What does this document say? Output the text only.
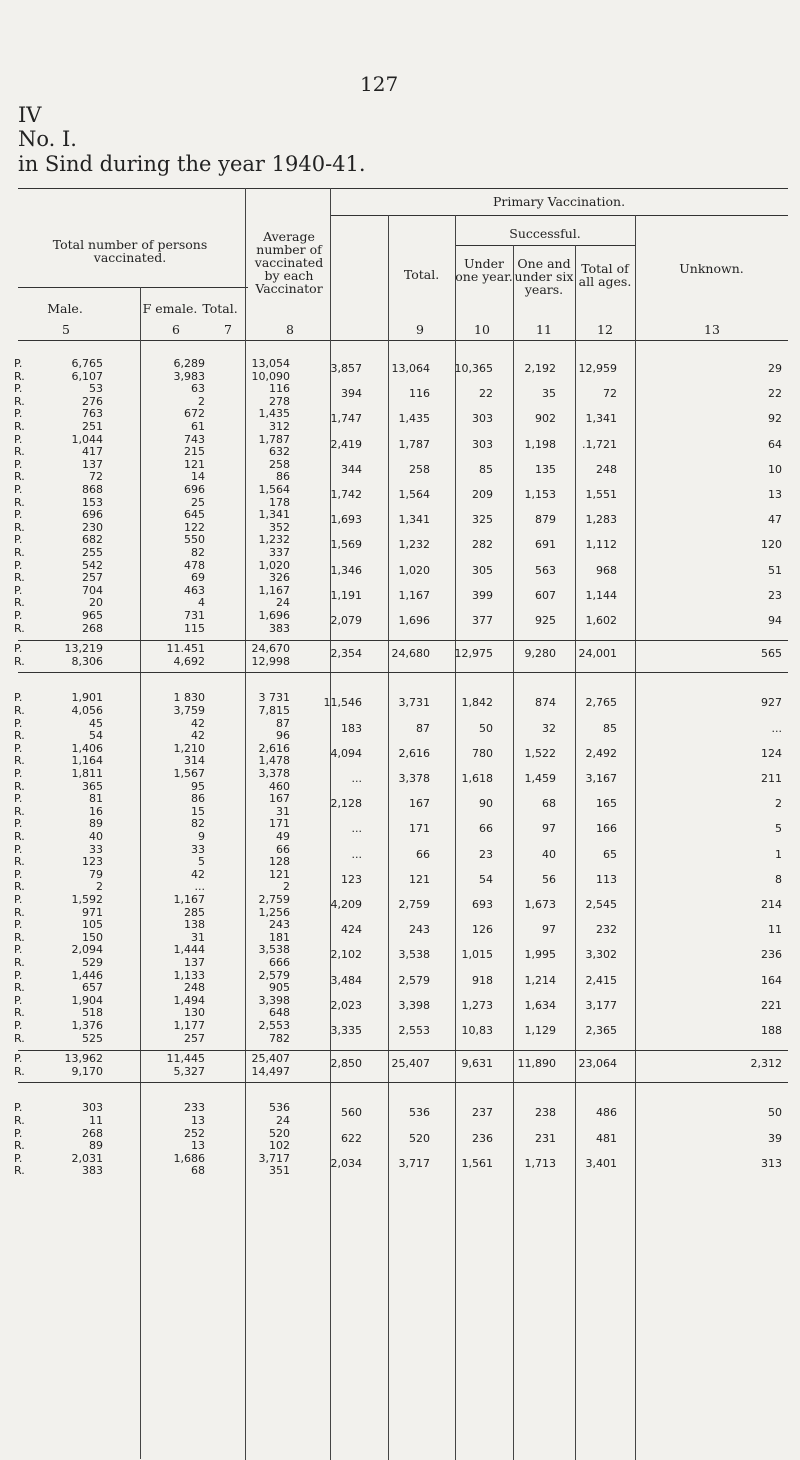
127
IV
No. I.
in Sind during the year 1940-41.
Primary Vaccination.
Total number of persons vaccinated.
Average number of vaccinated by each Vaccinator
Total.
Successful.
Under one year.
One and under six years.
Total of all ages.
Unknown.
Male.	F emale. Total.
5	6	7	8	9	10	11	12	13
P.	6,765	6,289	13,054	3,857	13,064	10,365	2,192	12,959	29
R.	6,107	3,983	10,090
P.	53	63	116	394	116	22	35	72	22
R.	276	2	278
P.	763	672	1,435	1,747	1,435	303	902	1,341	92
R.	251	61	312
P.	1,044	743	1,787	2,419	1,787	303	1,198	.1,721	64
R.	417	215	632
P.	137	121	258	344	258	85	135	248	10
R.	72	14	86
P.	868	696	1,564	1,742	1,564	209	1,153	1,551	13
R.	153	25	178
P.	696	645	1,341	1,693	1,341	325	879	1,283	47
R.	230	122	352
P.	682	550	1,232	1,569	1,232	282	691	1,112	120
R.	255	82	337
P.	542	478	1,020	1,346	1,020	305	563	968	51
R.	257	69	326
P.	704	463	1,167	1,191	1,167	399	607	1,144	23
R.	20	4	24
P.	965	731	1,696	2,079	1,696	377	925	1,602	94
R.	268	115	383
P.	13,219	11.451	24,670	2,354	24,680	12,975	9,280	24,001	565
R.	8,306	4,692	12,998
P.	1,901	1 830	3 731	11,546	3,731	1,842	874	2,765	927
R.	4,056	3,759	7,815
P.	45	42	87	183	87	50	32	85	...
R.	54	42	96
P.	1,406	1,210	2,616	4,094	2,616	780	1,522	2,492	124
R.	1,164	314	1,478
P.	1,811	1,567	3,378	...	3,378	1,618	1,459	3,167	211
R.	365	95	460
P.	81	86	167	2,128	167	90	68	165	2
R.	16	15	31
P.	89	82	171	...	171	66	97	166	5
R.	40	9	49
P.	33	33	66	...	66	23	40	65	1
R.	123	5	128
P.	79	42	121	123	121	54	56	113	8
R.	2	...	2
P.	1,592	1,167	2,759	4,209	2,759	693	1,673	2,545	214
R.	971	285	1,256
P.	105	138	243	424	243	126	97	232	11
R.	150	31	181
P.	2,094	1,444	3,538	2,102	3,538	1,015	1,995	3,302	236
R.	529	137	666
P.	1,446	1,133	2,579	3,484	2,579	918	1,214	2,415	164
R.	657	248	905
P.	1,904	1,494	3,398	2,023	3,398	1,273	1,634	3,177	221
R.	518	130	648
P.	1,376	1,177	2,553	3,335	2,553	10,83	1,129	2,365	188
R.	525	257	782
P.	13,962	11,445	25,407	2,850	25,407	9,631	11,890	23,064	2,312
R.	9,170	5,327	14,497
P.	303	233	536	560	536	237	238	486	50
R.	11	13	24
P.	268	252	520	622	520	236	231	481	39
R.	89	13	102
P.	2,031	1,686	3,717	2,034	3,717	1,561	1,713	3,401	313
R.	383	68	351
